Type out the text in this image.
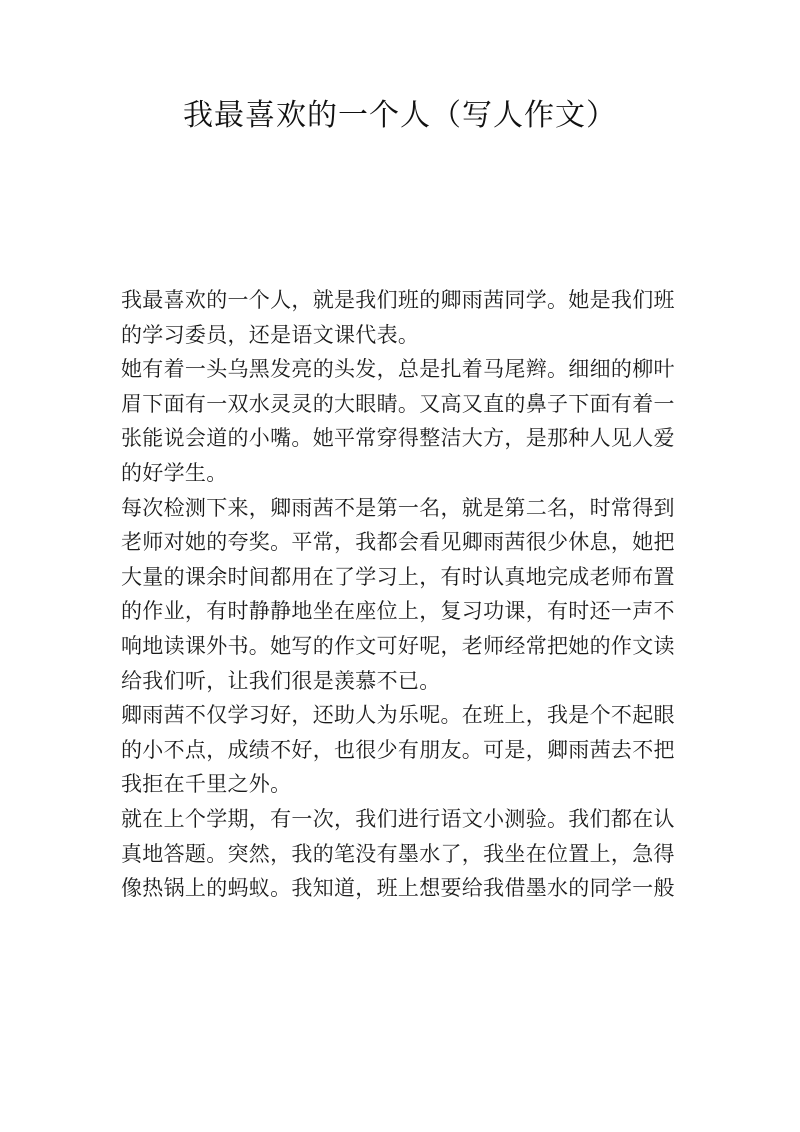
我最喜欢的一个人（写人作文）
我最喜欢的一个人，就是我们班的卿雨茜同学。她是我们班
的学习委员，还是语文课代表。
她有着一头乌黑发亮的头发，总是扎着马尾辫。细细的柳叶
眉下面有一双水灵灵的大眼睛。又高又直的鼻子下面有着一
张能说会道的小嘴。她平常穿得整洁大方，是那种人见人爱
的好学生。
每次检测下来，卿雨茜不是第一名，就是第二名，时常得到
老师对她的夸奖。平常，我都会看见卿雨茜很少休息，她把
大量的课余时间都用在了学习上，有时认真地完成老师布置
的作业，有时静静地坐在座位上，复习功课，有时还一声不
响地读课外书。她写的作文可好呢，老师经常把她的作文读
给我们听，让我们很是羡慕不已。
卿雨茜不仅学习好，还助人为乐呢。在班上，我是个不起眼
的小不点，成绩不好，也很少有朋友。可是，卿雨茜去不把
我拒在千里之外。
就在上个学期，有一次，我们进行语文小测验。我们都在认
真地答题。突然，我的笔没有墨水了，我坐在位置上，急得
像热锅上的蚂蚁。我知道，班上想要给我借墨水的同学一般
